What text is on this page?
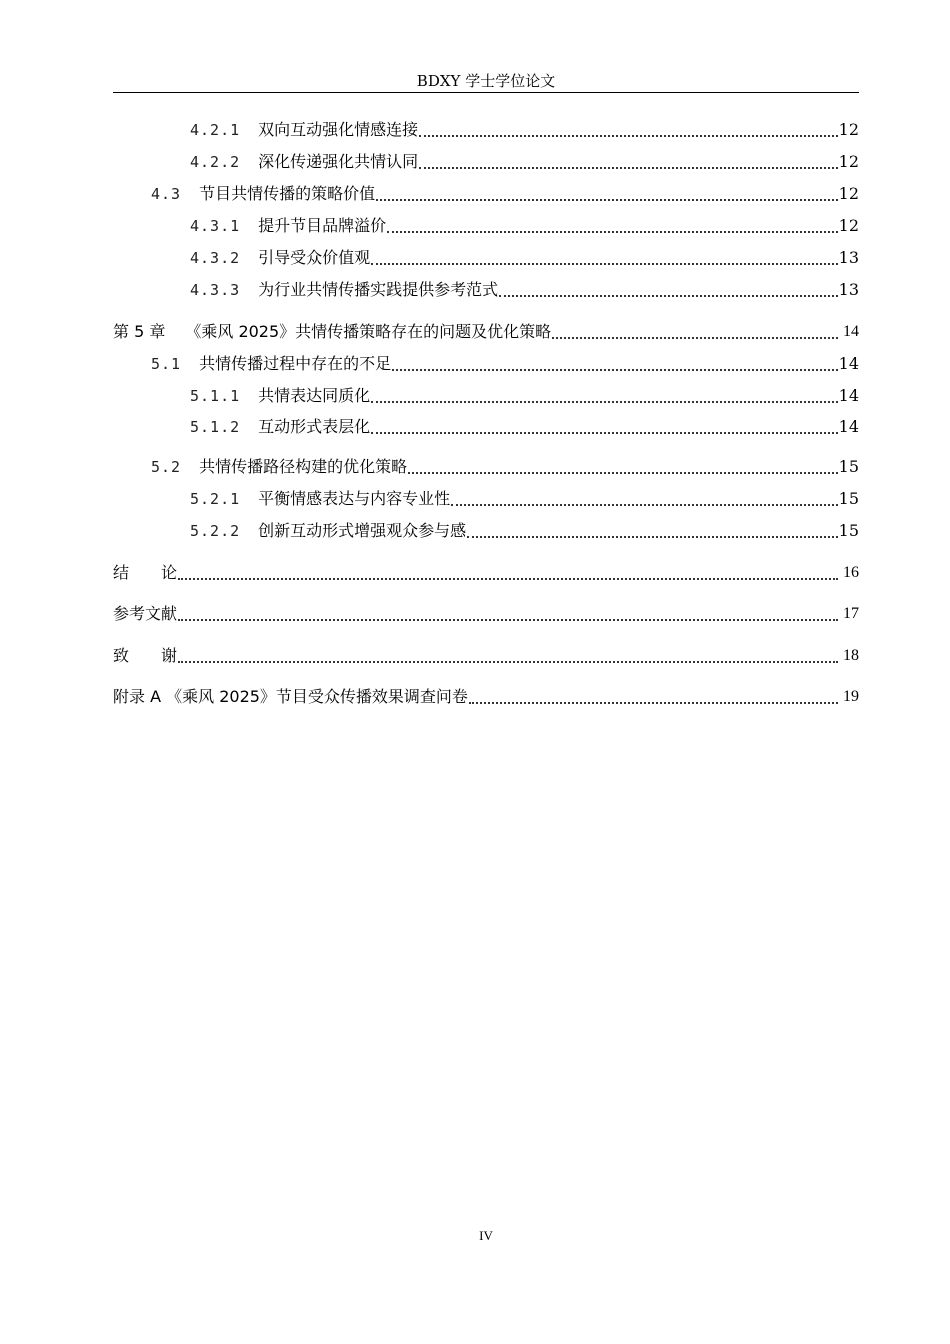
BDXY 学士学位论文
4.2.1 双向互动强化情感连接	12
4.2.2 深化传递强化共情认同	12
4.3 节目共情传播的策略价值	12
4.3.1 提升节目品牌溢价	12
4.3.2 引导受众价值观	13
4.3.3 为行业共情传播实践提供参考范式	13
第 5 章 《乘风 2025》共情传播策略存在的问题及优化策略	14
5.1 共情传播过程中存在的不足	14
5.1.1 共情表达同质化	14
5.1.2 互动形式表层化	14
5.2 共情传播路径构建的优化策略	15
5.2.1 平衡情感表达与内容专业性	15
5.2.2 创新互动形式增强观众参与感	15
结　　论	16
参考文献	17
致　　谢	18
附录 A 《乘风 2025》节目受众传播效果调查问卷	19
IV
